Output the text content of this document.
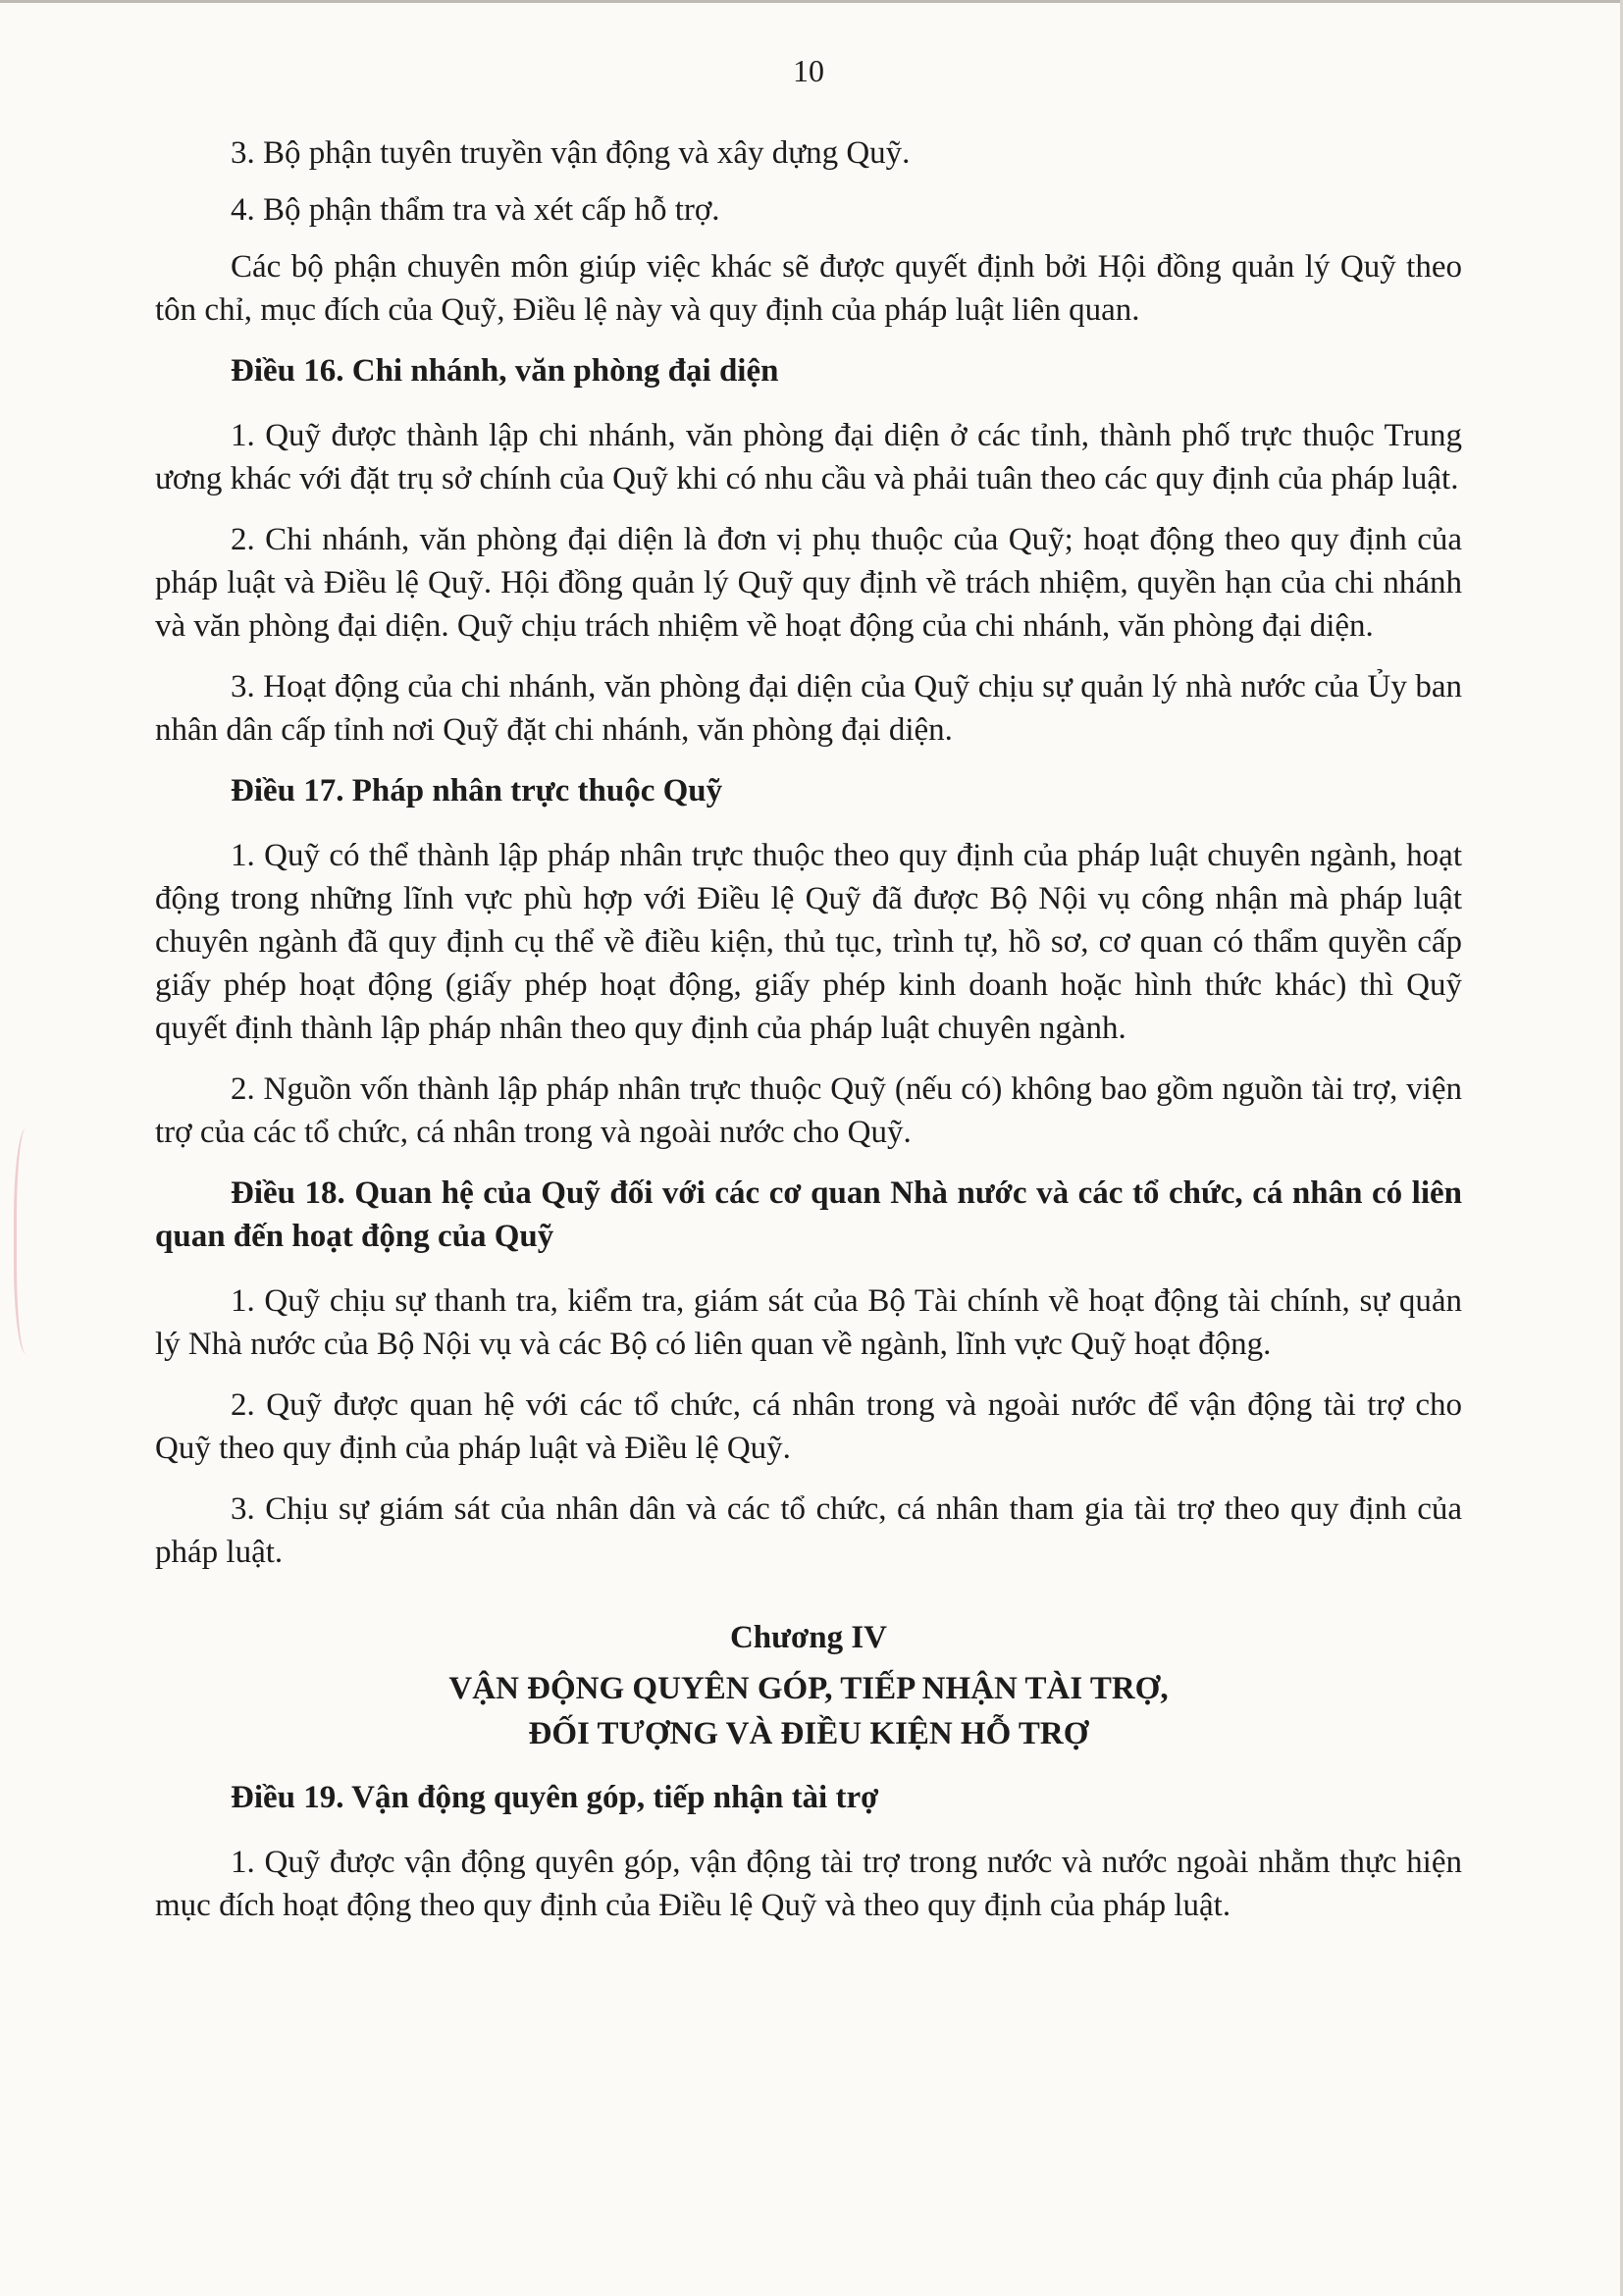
10

3. Bộ phận tuyên truyền vận động và xây dựng Quỹ.

4. Bộ phận thẩm tra và xét cấp hỗ trợ.

Các bộ phận chuyên môn giúp việc khác sẽ được quyết định bởi Hội đồng quản lý Quỹ theo tôn chỉ, mục đích của Quỹ, Điều lệ này và quy định của pháp luật liên quan.

Điều 16. Chi nhánh, văn phòng đại diện

1. Quỹ được thành lập chi nhánh, văn phòng đại diện ở các tỉnh, thành phố trực thuộc Trung ương khác với đặt trụ sở chính của Quỹ khi có nhu cầu và phải tuân theo các quy định của pháp luật.

2. Chi nhánh, văn phòng đại diện là đơn vị phụ thuộc của Quỹ; hoạt động theo quy định của pháp luật và Điều lệ Quỹ. Hội đồng quản lý Quỹ quy định về trách nhiệm, quyền hạn của chi nhánh và văn phòng đại diện. Quỹ chịu trách nhiệm về hoạt động của chi nhánh, văn phòng đại diện.

3. Hoạt động của chi nhánh, văn phòng đại diện của Quỹ chịu sự quản lý nhà nước của Ủy ban nhân dân cấp tỉnh nơi Quỹ đặt chi nhánh, văn phòng đại diện.

Điều 17. Pháp nhân trực thuộc Quỹ

1. Quỹ có thể thành lập pháp nhân trực thuộc theo quy định của pháp luật chuyên ngành, hoạt động trong những lĩnh vực phù hợp với Điều lệ Quỹ đã được Bộ Nội vụ công nhận mà pháp luật chuyên ngành đã quy định cụ thể về điều kiện, thủ tục, trình tự, hồ sơ, cơ quan có thẩm quyền cấp giấy phép hoạt động (giấy phép hoạt động, giấy phép kinh doanh hoặc hình thức khác) thì Quỹ quyết định thành lập pháp nhân theo quy định của pháp luật chuyên ngành.

2. Nguồn vốn thành lập pháp nhân trực thuộc Quỹ (nếu có) không bao gồm nguồn tài trợ, viện trợ của các tổ chức, cá nhân trong và ngoài nước cho Quỹ.

Điều 18. Quan hệ của Quỹ đối với các cơ quan Nhà nước và các tổ chức, cá nhân có liên quan đến hoạt động của Quỹ

1. Quỹ chịu sự thanh tra, kiểm tra, giám sát của Bộ Tài chính về hoạt động tài chính, sự quản lý Nhà nước của Bộ Nội vụ và các Bộ có liên quan về ngành, lĩnh vực Quỹ hoạt động.

2. Quỹ được quan hệ với các tổ chức, cá nhân trong và ngoài nước để vận động tài trợ cho Quỹ theo quy định của pháp luật và Điều lệ Quỹ.

3. Chịu sự giám sát của nhân dân và các tổ chức, cá nhân tham gia tài trợ theo quy định của pháp luật.

Chương IV
VẬN ĐỘNG QUYÊN GÓP, TIẾP NHẬN TÀI TRỢ,
ĐỐI TƯỢNG VÀ ĐIỀU KIỆN HỖ TRỢ
Điều 19. Vận động quyên góp, tiếp nhận tài trợ

1. Quỹ được vận động quyên góp, vận động tài trợ trong nước và nước ngoài nhằm thực hiện mục đích hoạt động theo quy định của Điều lệ Quỹ và theo quy định của pháp luật.
